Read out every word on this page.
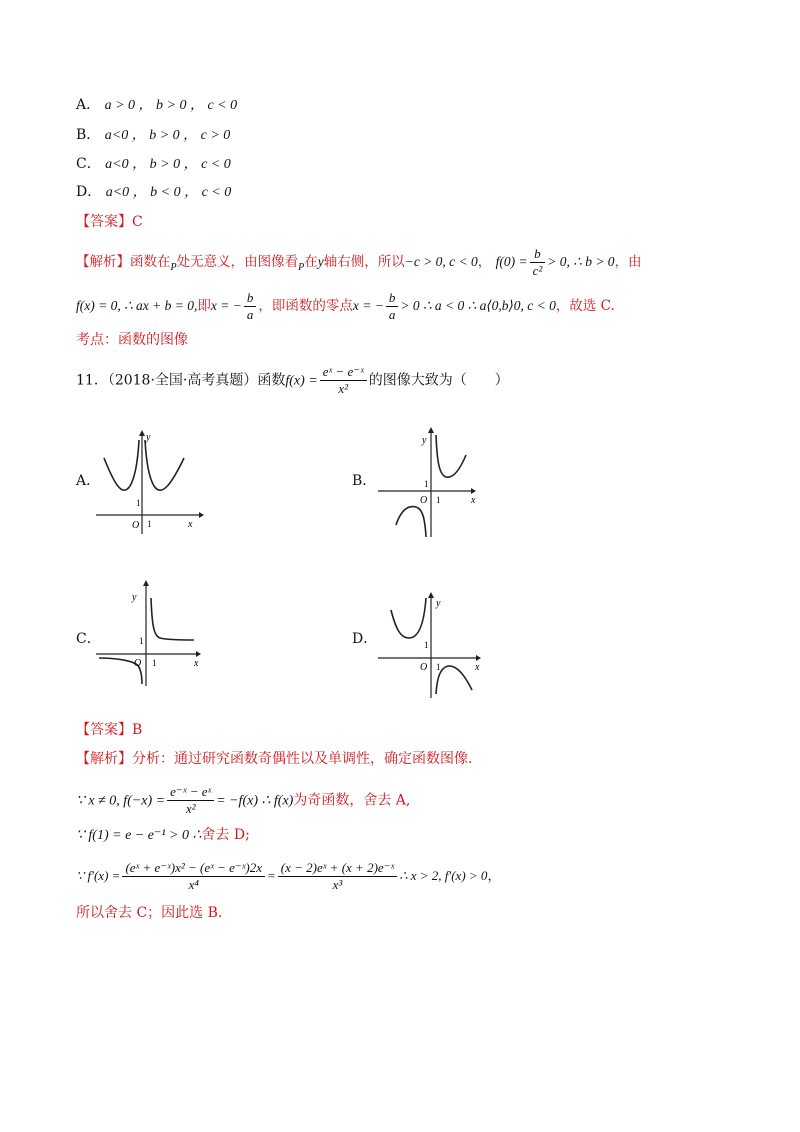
A． a > 0 ， b > 0 ， c < 0
B． a<0 ， b > 0 ， c > 0
C． a<0 ， b > 0 ， c < 0
D． a<0 ， b < 0 ， c < 0
【答案】C
【解析】函数在$_P$处无意义，由图像看$_P$在y轴右侧，所以−c > 0, c < 0， $f(0) = \frac{b}{\text{c²}} > 0$, ∴ b > 0，由
f(x) = 0, ∴ ax + b = 0,即x = − $\frac{b}{a}$ ，即函数的零点x = − $\frac{b}{a} > 0$ ∴ a < 0 ∴ a⟨0,b⟩0, c < 0，故选 C.
考点：函数的图像
11．（2018·全国·高考真题）函数$f(x) = \frac{\text{eˣ − e⁻ˣ}}{\text{x²}}$ 的图像大致为（　　）
A．	B．
C．	D．
O 1
1
x
y
O 1
1
x
y
O 1
1
x
y
O 1
1
x
y
【答案】B
【解析】分析：通过研究函数奇偶性以及单调性，确定函数图像.
∵ x ≠ 0, $f(-x) = \frac{\text{e⁻ˣ − eˣ}}{\text{x²}} = -f(x)$ ∴ f(x)为奇函数，舍去 A,
∵ f(1) = e − e⁻¹ > 0 ∴舍去 D;
∵ $f'(x) = \frac{\text{(eˣ + e⁻ˣ)x² − (eˣ − e⁻ˣ)2x}}{\text{x⁴}} = \frac{\text{(x − 2)eˣ + (x + 2)e⁻ˣ}}{\text{x³}}$ ∴ x > 2, f′(x) > 0，
所以舍去 C；因此选 B.
